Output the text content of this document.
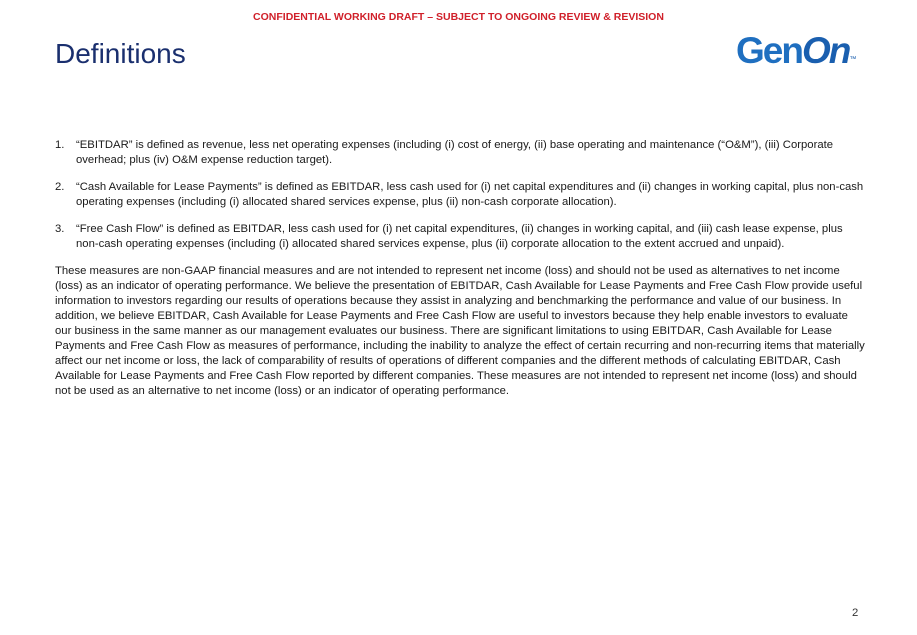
CONFIDENTIAL WORKING DRAFT – SUBJECT TO ONGOING REVIEW & REVISION
Definitions	GenOn™
1.	“EBITDAR” is defined as revenue, less net operating expenses (including (i) cost of energy, (ii) base operating and maintenance (“O&M”), (iii) Corporate overhead; plus (iv) O&M expense reduction target).
2.	“Cash Available for Lease Payments” is defined as EBITDAR, less cash used for (i) net capital expenditures and (ii) changes in working capital, plus non-cash operating expenses (including (i) allocated shared services expense, plus (ii) non-cash corporate allocation).
3.	“Free Cash Flow” is defined as EBITDAR, less cash used for (i) net capital expenditures, (ii) changes in working capital, and (iii) cash lease expense, plus non-cash operating expenses (including (i) allocated shared services expense, plus (ii) corporate allocation to the extent accrued and unpaid).
These measures are non-GAAP financial measures and are not intended to represent net income (loss) and should not be used as alternatives to net income (loss) as an indicator of operating performance. We believe the presentation of EBITDAR, Cash Available for Lease Payments and Free Cash Flow provide useful information to investors regarding our results of operations because they assist in analyzing and benchmarking the performance and value of our business. In addition, we believe EBITDAR, Cash Available for Lease Payments and Free Cash Flow are useful to investors because they help enable investors to evaluate our business in the same manner as our management evaluates our business. There are significant limitations to using EBITDAR, Cash Available for Lease Payments and Free Cash Flow as measures of performance, including the inability to analyze the effect of certain recurring and non-recurring items that materially affect our net income or loss, the lack of comparability of results of operations of different companies and the different methods of calculating EBITDAR, Cash Available for Lease Payments and Free Cash Flow reported by different companies. These measures are not intended to represent net income (loss) and should not be used as an alternative to net income (loss) or an indicator of operating performance.
2
